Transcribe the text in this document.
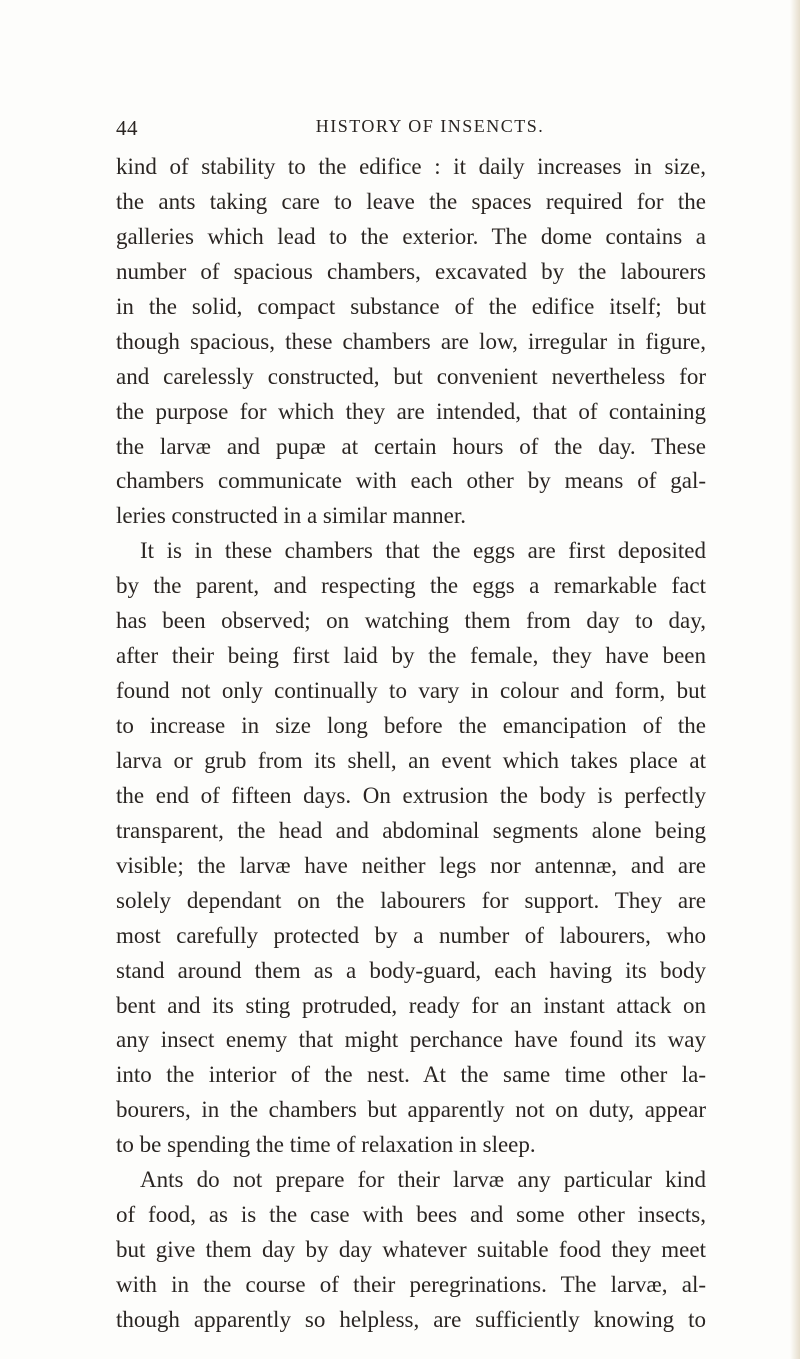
44	HISTORY OF INSENCTS.
kind of stability to the edifice : it daily increases in size,
the ants taking care to leave the spaces required for the
galleries which lead to the exterior. The dome contains a
number of spacious chambers, excavated by the labourers
in the solid, compact substance of the edifice itself; but
though spacious, these chambers are low, irregular in figure,
and carelessly constructed, but convenient nevertheless for
the purpose for which they are intended, that of containing
the larvæ and pupæ at certain hours of the day. These
chambers communicate with each other by means of gal-
leries constructed in a similar manner.
It is in these chambers that the eggs are first deposited
by the parent, and respecting the eggs a remarkable fact
has been observed; on watching them from day to day,
after their being first laid by the female, they have been
found not only continually to vary in colour and form, but
to increase in size long before the emancipation of the
larva or grub from its shell, an event which takes place at
the end of fifteen days. On extrusion the body is perfectly
transparent, the head and abdominal segments alone being
visible; the larvæ have neither legs nor antennæ, and are
solely dependant on the labourers for support. They are
most carefully protected by a number of labourers, who
stand around them as a body-guard, each having its body
bent and its sting protruded, ready for an instant attack on
any insect enemy that might perchance have found its way
into the interior of the nest. At the same time other la-
bourers, in the chambers but apparently not on duty, appear
to be spending the time of relaxation in sleep.
Ants do not prepare for their larvæ any particular kind
of food, as is the case with bees and some other insects,
but give them day by day whatever suitable food they meet
with in the course of their peregrinations. The larvæ, al-
though apparently so helpless, are sufficiently knowing to
